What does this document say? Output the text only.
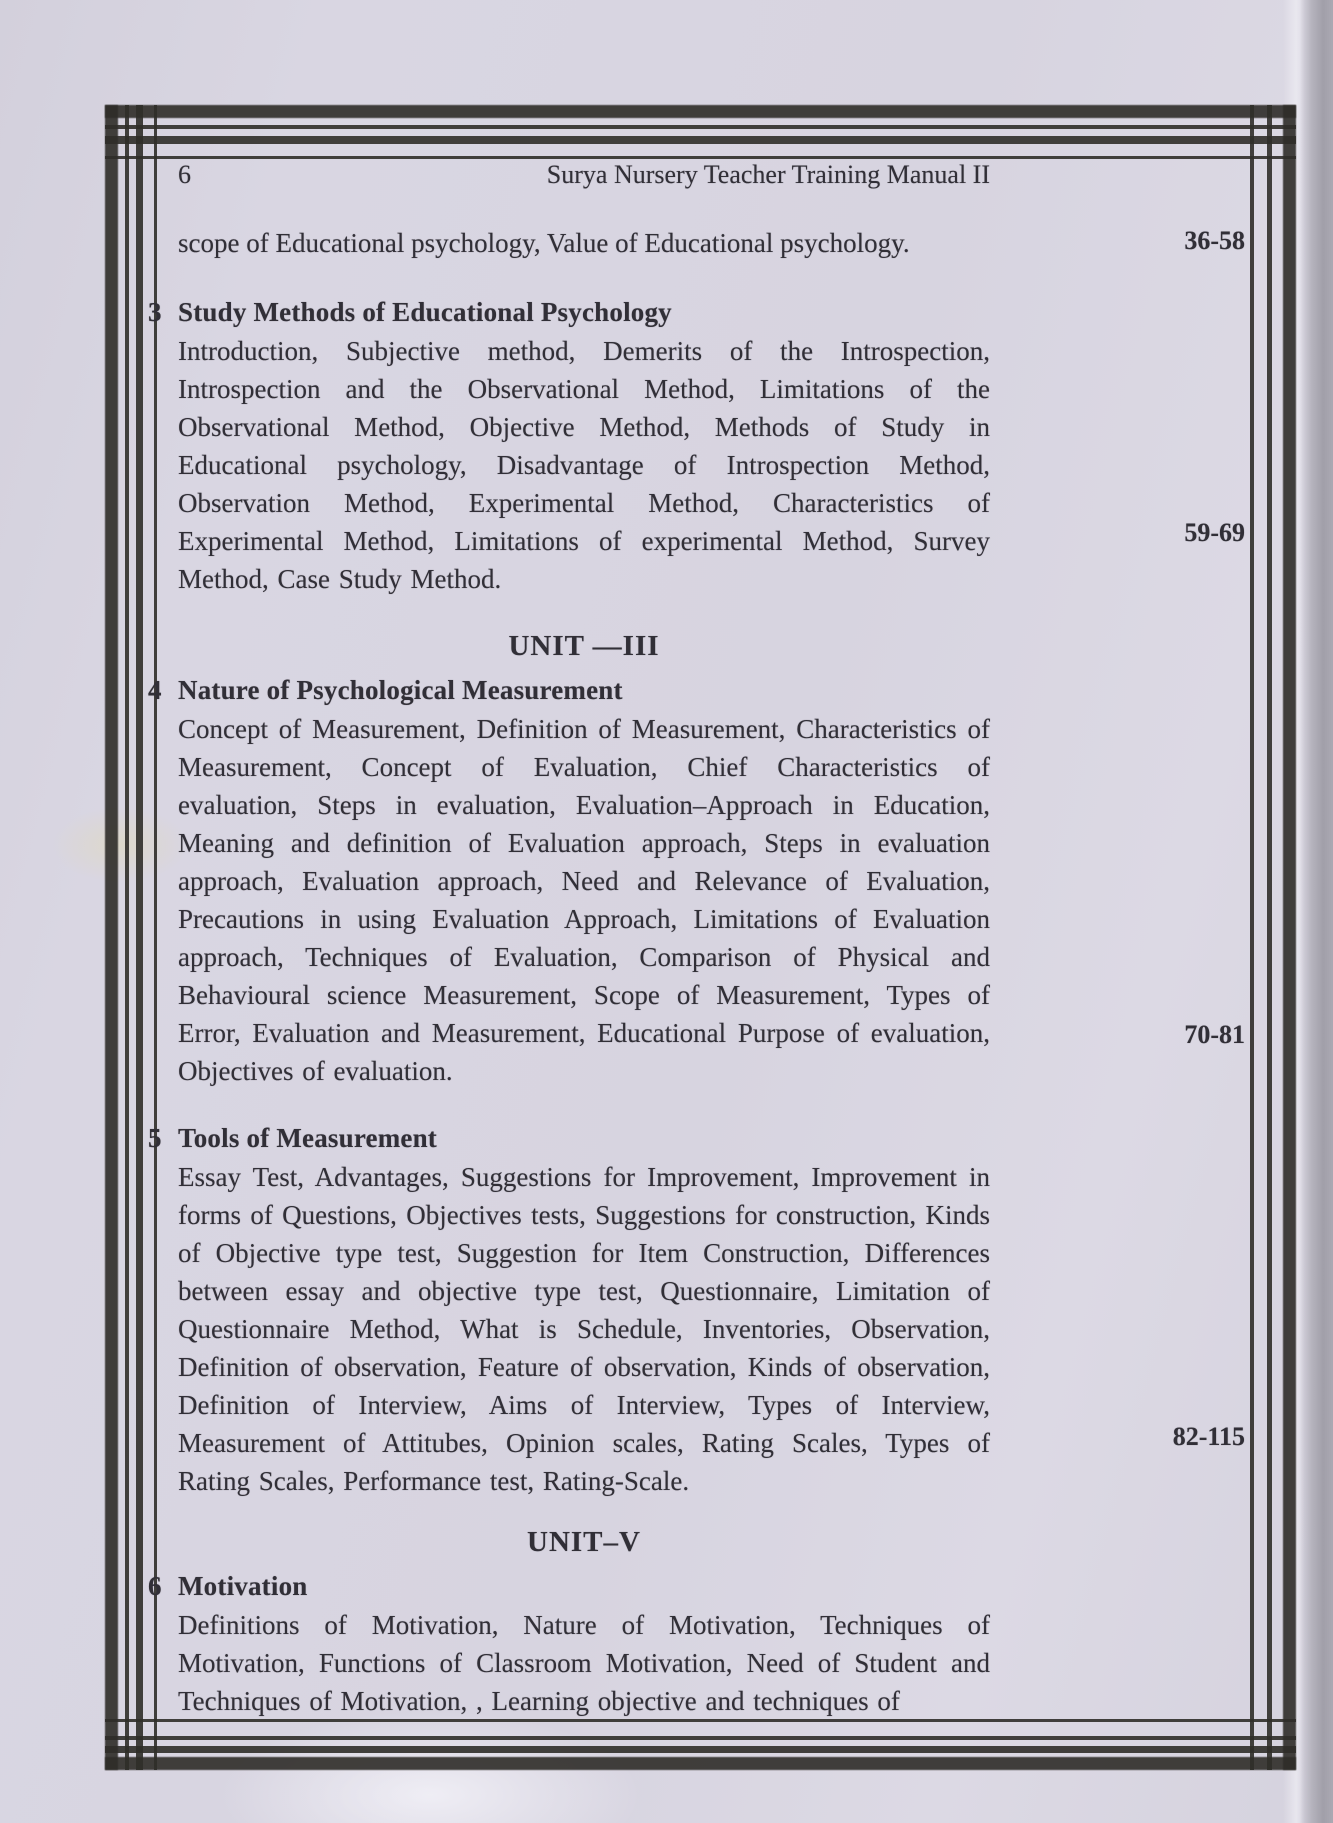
6	Surya Nursery Teacher Training Manual II
scope of Educational psychology, Value of Educational psychology.	36-58
3 Study Methods of Educational Psychology
Introduction, Subjective method, Demerits of the Introspection, Introspection and the Observational Method, Limitations of the Observational Method, Objective Method, Methods of Study in Educational psychology, Disadvantage of Introspection Method, Observation Method, Experimental Method, Characteristics of Experimental Method, Limitations of experimental Method, Survey Method, Case Study Method.
59-69
UNIT —III
4 Nature of Psychological Measurement
Concept of Measurement, Definition of Measurement, Characteristics of Measurement, Concept of Evaluation, Chief Characteristics of evaluation, Steps in evaluation, Evaluation–Approach in Education, Meaning and definition of Evaluation approach, Steps in evaluation approach, Evaluation approach, Need and Relevance of Evaluation, Precautions in using Evaluation Approach, Limitations of Evaluation approach, Techniques of Evaluation, Comparison of Physical and Behavioural science Measurement, Scope of Measurement, Types of Error, Evaluation and Measurement, Educational Purpose of evaluation, Objectives of evaluation.
70-81
5 Tools of Measurement
Essay Test, Advantages, Suggestions for Improvement, Improvement in forms of Questions, Objectives tests, Suggestions for construction, Kinds of Objective type test, Suggestion for Item Construction, Differences between essay and objective type test, Questionnaire, Limitation of Questionnaire Method, What is Schedule, Inventories, Observation, Definition of observation, Feature of observation, Kinds of observation, Definition of Interview, Aims of Interview, Types of Interview, Measurement of Attitubes, Opinion scales, Rating Scales, Types of Rating Scales, Performance test, Rating-Scale.
82-115
UNIT–V
6 Motivation
Definitions of Motivation, Nature of Motivation, Techniques of Motivation, Functions of Classroom Motivation, Need of Student and Techniques of Motivation, , Learning objective and techniques of
